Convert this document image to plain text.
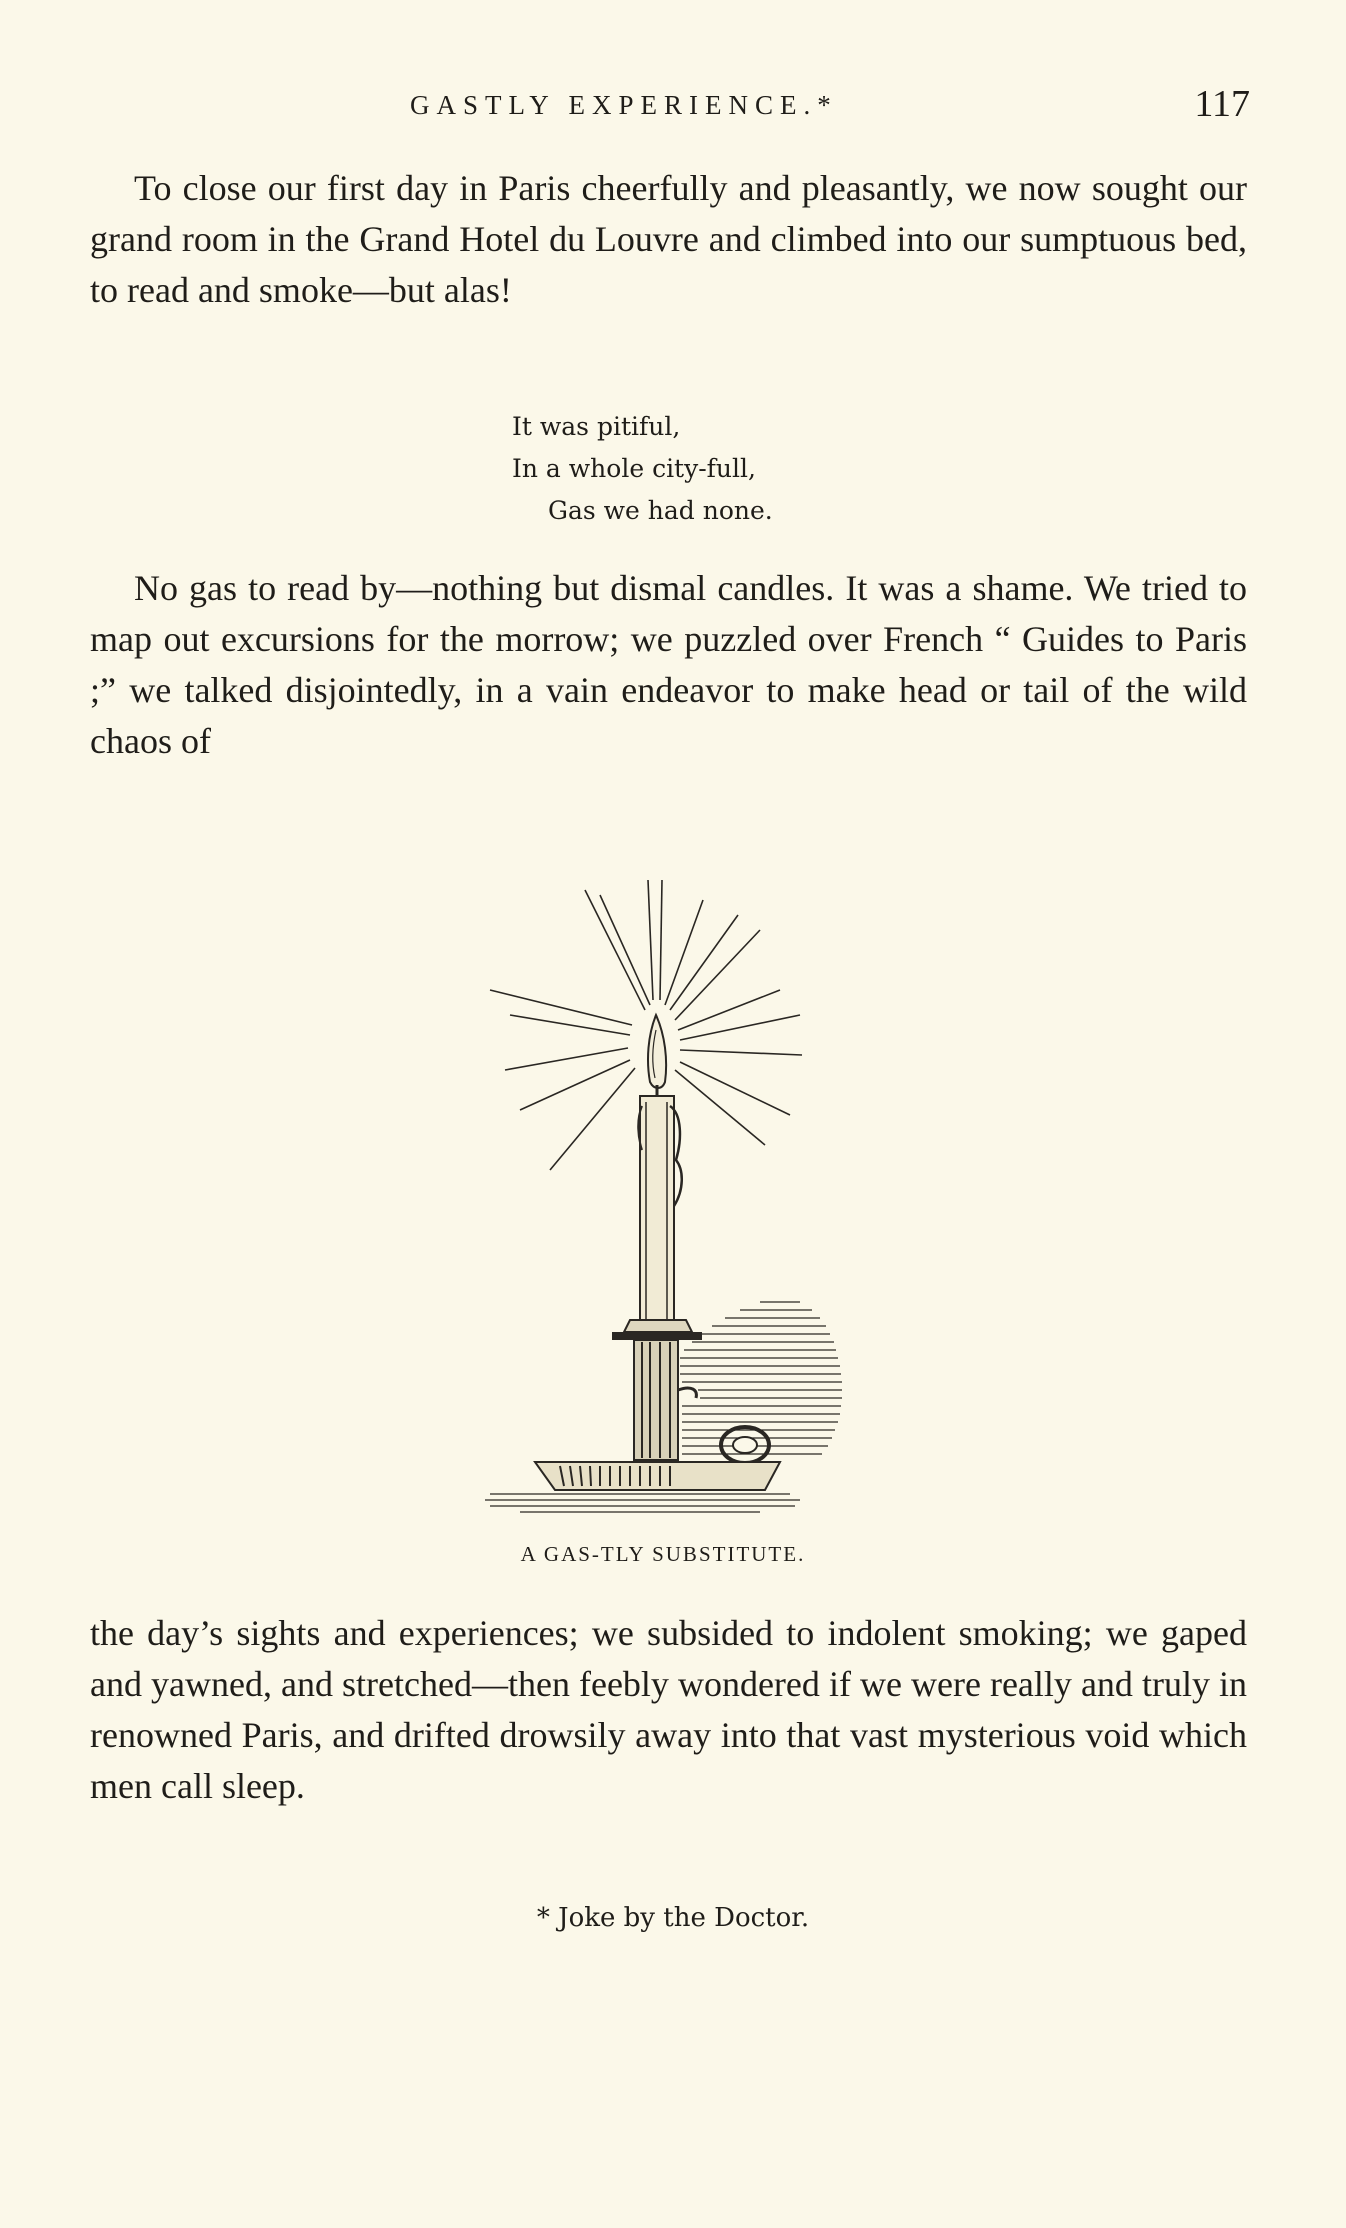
GASTLY EXPERIENCE.*	117

To close our first day in Paris cheerfully and pleasantly, we now sought our grand room in the Grand Hotel du Louvre and climbed into our sumptuous bed, to read and smoke—but alas!

It was pitiful,
In a whole city-full,
Gas we had none.

No gas to read by—nothing but dismal candles. It was a shame. We tried to map out excursions for the morrow; we puzzled over French “ Guides to Paris ;” we talked disjointedly, in a vain endeavor to make head or tail of the wild chaos of

A GAS-TLY SUBSTITUTE.

the day’s sights and experiences; we subsided to indolent smoking; we gaped and yawned, and stretched—then feebly wondered if we were really and truly in renowned Paris, and drifted drowsily away into that vast mysterious void which men call sleep.

* Joke by the Doctor.
